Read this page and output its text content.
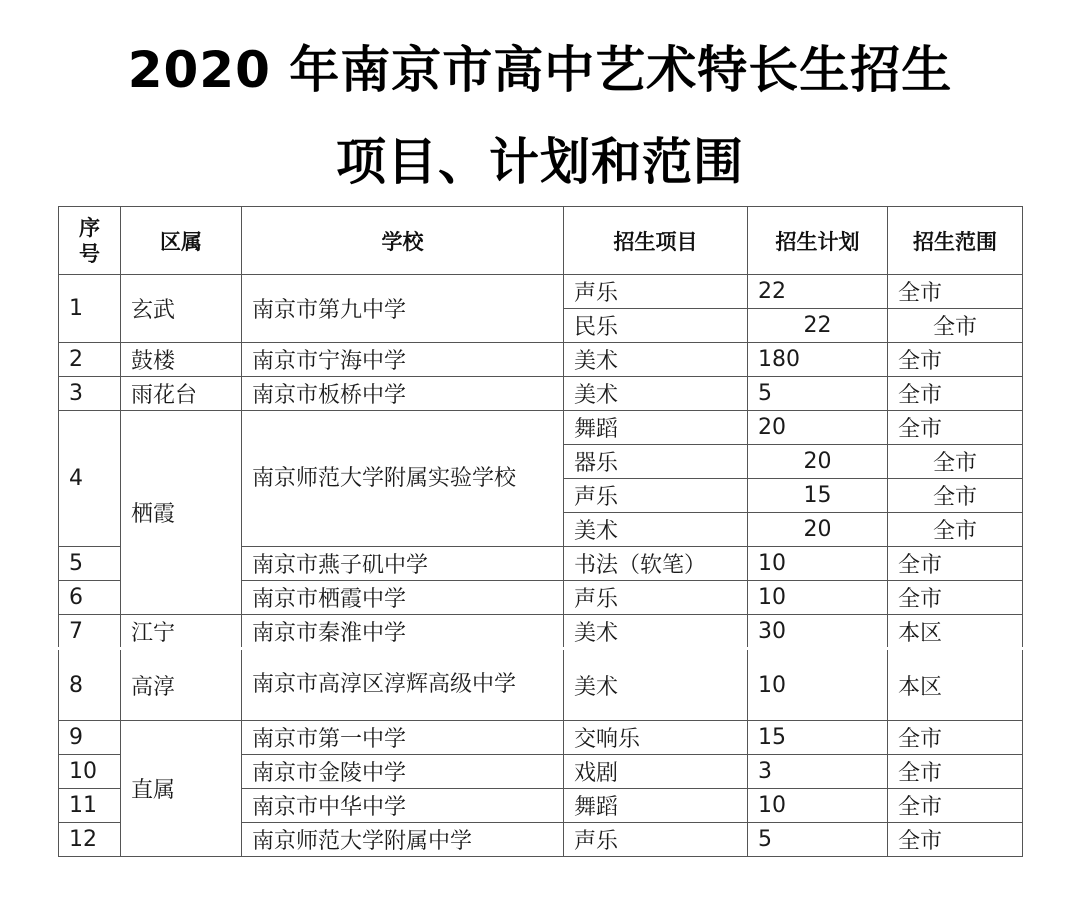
2020 年南京市高中艺术特长生招生
项目、计划和范围
序
号	区属	学校	招生项目	招生计划	招生范围
1	玄武	南京市第九中学	声乐	22	全市
			民乐	22	全市
2	鼓楼	南京市宁海中学	美术	180	全市
3	雨花台	南京市板桥中学	美术	5	全市
4	栖霞	南京师范大学附属实验学校	舞蹈	20	全市
			器乐	20	全市
			声乐	15	全市
			美术	20	全市
5		南京市燕子矶中学	书法（软笔）	10	全市
6		南京市栖霞中学	声乐	10	全市
7	江宁	南京市秦淮中学	美术	30	本区
8	高淳	南京市高淳区淳辉高级中学	美术	10	本区
9	直属	南京市第一中学	交响乐	15	全市
10		南京市金陵中学	戏剧	3	全市
11		南京市中华中学	舞蹈	10	全市
12		南京师范大学附属中学	声乐	5	全市
